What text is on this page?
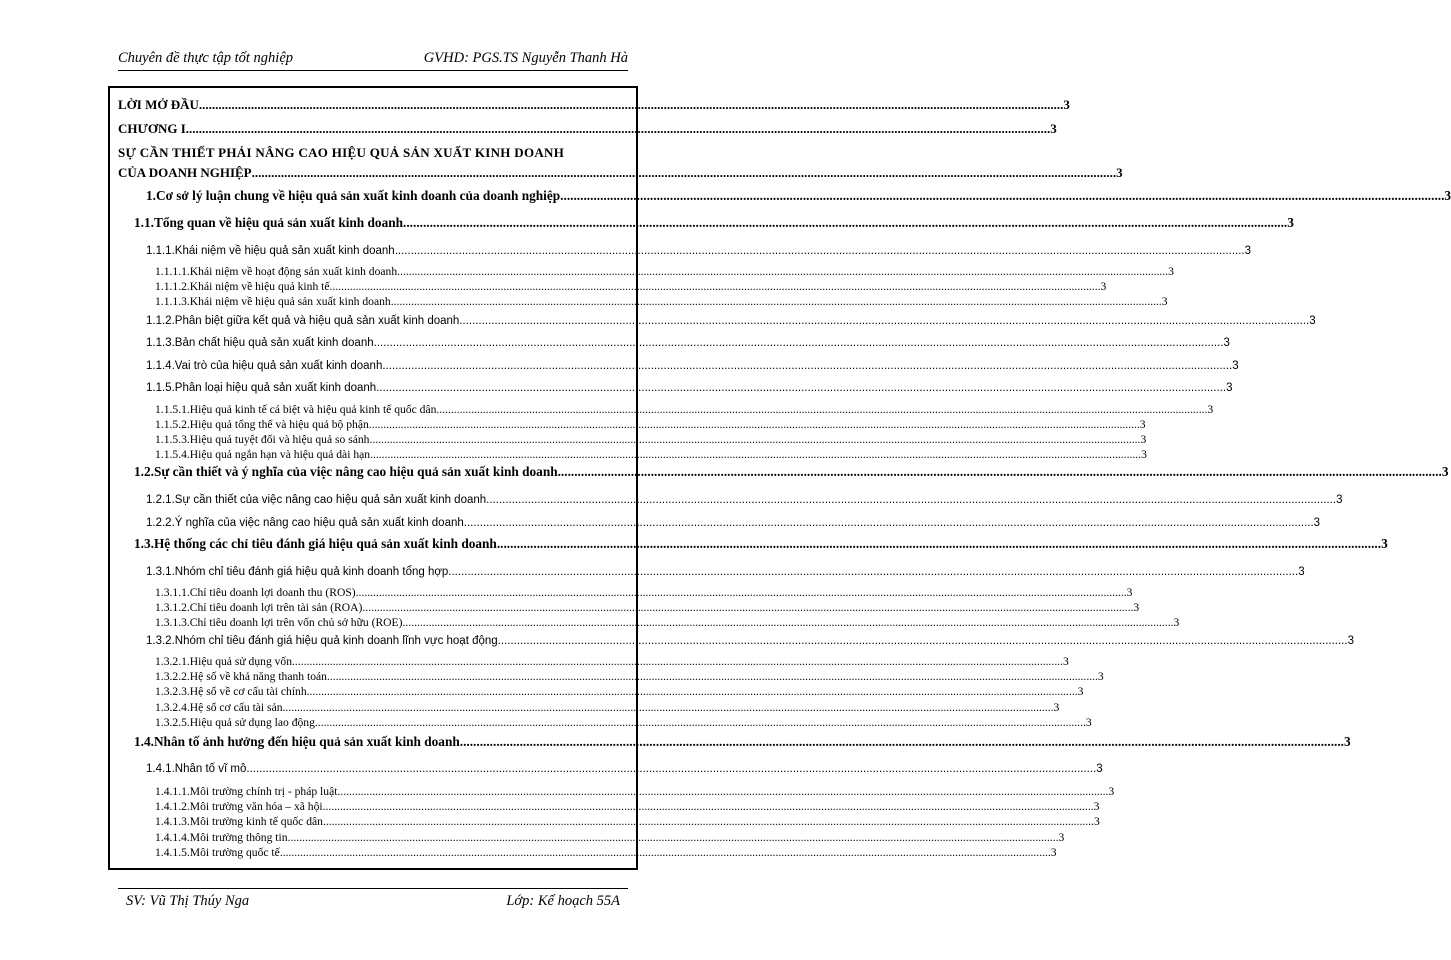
Chuyên đề thực tập tốt nghiệp	GVHD: PGS.TS Nguyễn Thanh Hà
LỜI MỞ ĐẦU .......................................................................................................................................................................................................................................................................... 3
CHƯƠNG I .......................................................................................................................................................................................................................................................................... 3
SỰ CẦN THIẾT PHẢI NÂNG CAO HIỆU QUẢ SẢN XUẤT KINH DOANH
CỦA DOANH NGHIỆP .......................................................................................................................................................................................................................................................................... 3
1.Cơ sở lý luận chung về hiệu quả sản xuất kinh doanh của doanh nghiệp .......................................................................................................................................................................................................................................................................... 3
1.1.Tổng quan về hiệu quả sản xuất kinh doanh .......................................................................................................................................................................................................................................................................... 3
1.1.1.Khái niệm về hiệu quả sản xuất kinh doanh .......................................................................................................................................................................................................................................................................... 3
1.1.1.1.Khái niệm về hoạt động sản xuất kinh doanh .......................................................................................................................................................................................................................................................................... 3
1.1.1.2.Khái niệm về hiệu quả kinh tế .......................................................................................................................................................................................................................................................................... 3
1.1.1.3.Khái niệm về hiệu quả sản xuất kinh doanh .......................................................................................................................................................................................................................................................................... 3
1.1.2.Phân biệt giữa kết quả và hiệu quả sản xuất kinh doanh .......................................................................................................................................................................................................................................................................... 3
1.1.3.Bản chất hiệu quả sản xuất kinh doanh .......................................................................................................................................................................................................................................................................... 3
1.1.4.Vai trò của hiệu quả sản xuất kinh doanh .......................................................................................................................................................................................................................................................................... 3
1.1.5.Phân loại hiệu quả sản xuất kinh doanh .......................................................................................................................................................................................................................................................................... 3
1.1.5.1.Hiệu quả kinh tế cá biệt và hiệu quả kinh tế quốc dân .......................................................................................................................................................................................................................................................................... 3
1.1.5.2.Hiệu quả tổng thể và hiệu quả bộ phận .......................................................................................................................................................................................................................................................................... 3
1.1.5.3.Hiệu quả tuyệt đối và hiệu quả so sánh .......................................................................................................................................................................................................................................................................... 3
1.1.5.4.Hiệu quả ngắn hạn và hiệu quả dài hạn .......................................................................................................................................................................................................................................................................... 3
1.2.Sự cần thiết và ý nghĩa của việc nâng cao hiệu quả sản xuất kinh doanh .......................................................................................................................................................................................................................................................................... 3
1.2.1.Sự cần thiết của việc nâng cao hiệu quả sản xuất kinh doanh .......................................................................................................................................................................................................................................................................... 3
1.2.2.Ý nghĩa của việc nâng cao hiệu quả sản xuất kinh doanh .......................................................................................................................................................................................................................................................................... 3
1.3.Hệ thống các chỉ tiêu đánh giá hiệu quả sản xuất kinh doanh .......................................................................................................................................................................................................................................................................... 3
1.3.1.Nhóm chỉ tiêu đánh giá hiệu quả kinh doanh tổng hợp .......................................................................................................................................................................................................................................................................... 3
1.3.1.1.Chỉ tiêu doanh lợi doanh thu (ROS) .......................................................................................................................................................................................................................................................................... 3
1.3.1.2.Chỉ tiêu doanh lợi trên tài sản (ROA) .......................................................................................................................................................................................................................................................................... 3
1.3.1.3.Chỉ tiêu doanh lợi trên vốn chủ sở hữu (ROE) .......................................................................................................................................................................................................................................................................... 3
1.3.2.Nhóm chỉ tiêu đánh giá hiệu quả kinh doanh lĩnh vực hoạt động .......................................................................................................................................................................................................................................................................... 3
1.3.2.1.Hiệu quả sử dụng vốn .......................................................................................................................................................................................................................................................................... 3
1.3.2.2.Hệ số về khả năng thanh toán .......................................................................................................................................................................................................................................................................... 3
1.3.2.3.Hệ số về cơ cấu tài chính .......................................................................................................................................................................................................................................................................... 3
1.3.2.4.Hệ số cơ cấu tài sản .......................................................................................................................................................................................................................................................................... 3
1.3.2.5.Hiệu quả sử dụng lao động .......................................................................................................................................................................................................................................................................... 3
1.4.Nhân tố ảnh hưởng đến hiệu quả sản xuất kinh doanh .......................................................................................................................................................................................................................................................................... 3
1.4.1.Nhân tố vĩ mô .......................................................................................................................................................................................................................................................................... 3
1.4.1.1.Môi trường chính trị - pháp luật .......................................................................................................................................................................................................................................................................... 3
1.4.1.2.Môi trường văn hóa – xã hội .......................................................................................................................................................................................................................................................................... 3
1.4.1.3.Môi trường kinh tế quốc dân .......................................................................................................................................................................................................................................................................... 3
1.4.1.4.Môi trường thông tin .......................................................................................................................................................................................................................................................................... 3
1.4.1.5.Môi trường quốc tế .......................................................................................................................................................................................................................................................................... 3
SV: Vũ Thị Thúy Nga	Lớp: Kế hoạch 55A
